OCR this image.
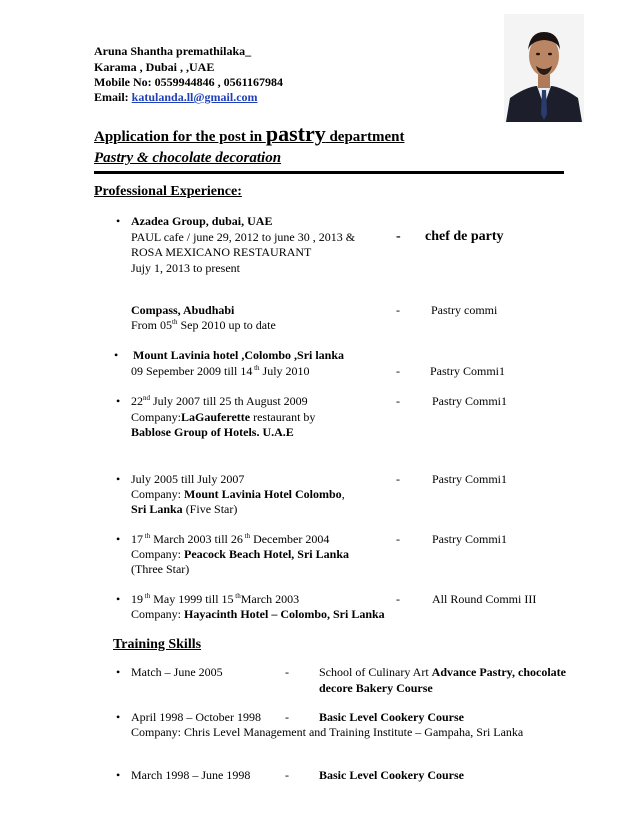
Aruna Shantha premathilaka_
Karama , Dubai , ,UAE
Mobile No: 0559944846 , 0561167984
Email: katulanda.ll@gmail.com
Application for the post in pastry department
Pastry & chocolate decoration
Professional Experience:
• Azadea Group, dubai, UAE
PAUL cafe / june 29, 2012 to june 30 , 2013 &
ROSA MEXICANO RESTAURANT
Jujy 1, 2013 to present
- chef de party
Compass, Abudhabi
From 05th Sep 2010 up to date
-	Pastry commi
• Mount Lavinia hotel ,Colombo ,Sri lanka
09 Sepember 2009 till 14 $^{th}$ July 2010	-	Pastry Commi1
• 22nd July 2007 till 25 th August 2009
Company:LaGauferette restaurant by
Bablose Group of Hotels. U.A.E
-	Pastry Commi1
• July 2005 till July 2007
Company: Mount Lavinia Hotel Colombo,
Sri Lanka (Five Star)
-	Pastry Commi1
• 17 $^{th}$ March 2003 till 26 $^{th}$ December 2004
Company: Peacock Beach Hotel, Sri Lanka
(Three Star)
-	Pastry Commi1
• 19 $^{th}$ May 1999 till 15 $^{th}$March 2003
Company: Hayacinth Hotel – Colombo, Sri Lanka
-	All Round Commi III
Training Skills
• Match – June 2005	-	School of Culinary Art Advance Pastry, chocolate
decore Bakery Course
• April 1998 – October 1998 -	Basic Level Cookery Course
Company: Chris Level Management and Training Institute – Gampaha, Sri Lanka
• March 1998 – June 1998	-	Basic Level Cookery Course
